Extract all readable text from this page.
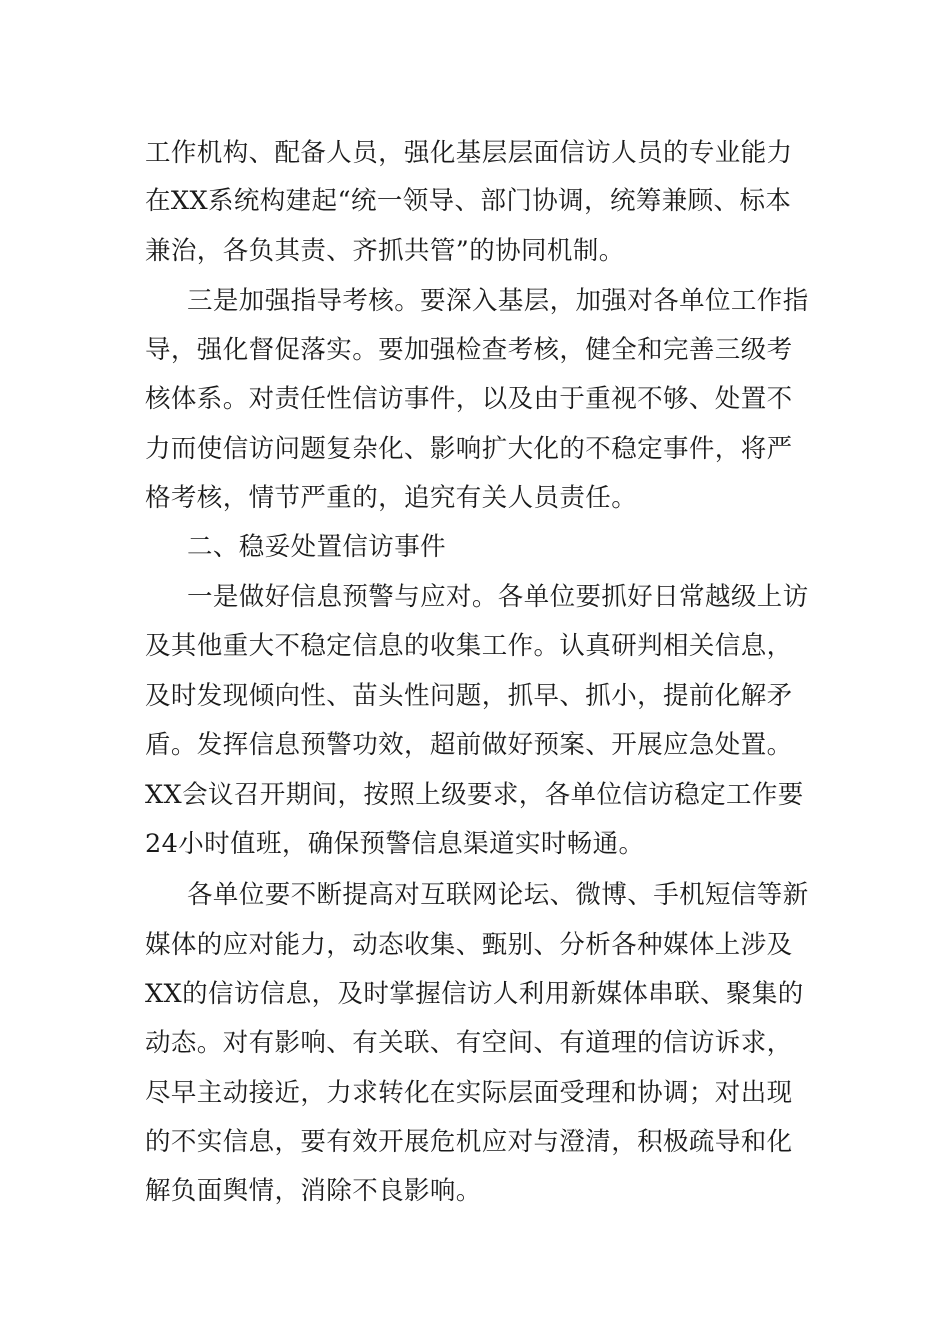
工作机构、配备人员，强化基层层面信访人员的专业能力
在XX系统构建起“统一领导、部门协调，统筹兼顾、标本
兼治，各负其责、齐抓共管”的协同机制。
三是加强指导考核。要深入基层，加强对各单位工作指
导，强化督促落实。要加强检查考核，健全和完善三级考
核体系。对责任性信访事件，以及由于重视不够、处置不
力而使信访问题复杂化、影响扩大化的不稳定事件，将严
格考核，情节严重的，追究有关人员责任。
二、稳妥处置信访事件
一是做好信息预警与应对。各单位要抓好日常越级上访
及其他重大不稳定信息的收集工作。认真研判相关信息，
及时发现倾向性、苗头性问题，抓早、抓小，提前化解矛
盾。发挥信息预警功效，超前做好预案、开展应急处置。
XX会议召开期间，按照上级要求，各单位信访稳定工作要
24小时值班，确保预警信息渠道实时畅通。
各单位要不断提高对互联网论坛、微博、手机短信等新
媒体的应对能力，动态收集、甄别、分析各种媒体上涉及
XX的信访信息，及时掌握信访人利用新媒体串联、聚集的
动态。对有影响、有关联、有空间、有道理的信访诉求，
尽早主动接近，力求转化在实际层面受理和协调；对出现
的不实信息，要有效开展危机应对与澄清，积极疏导和化
解负面舆情，消除不良影响。
